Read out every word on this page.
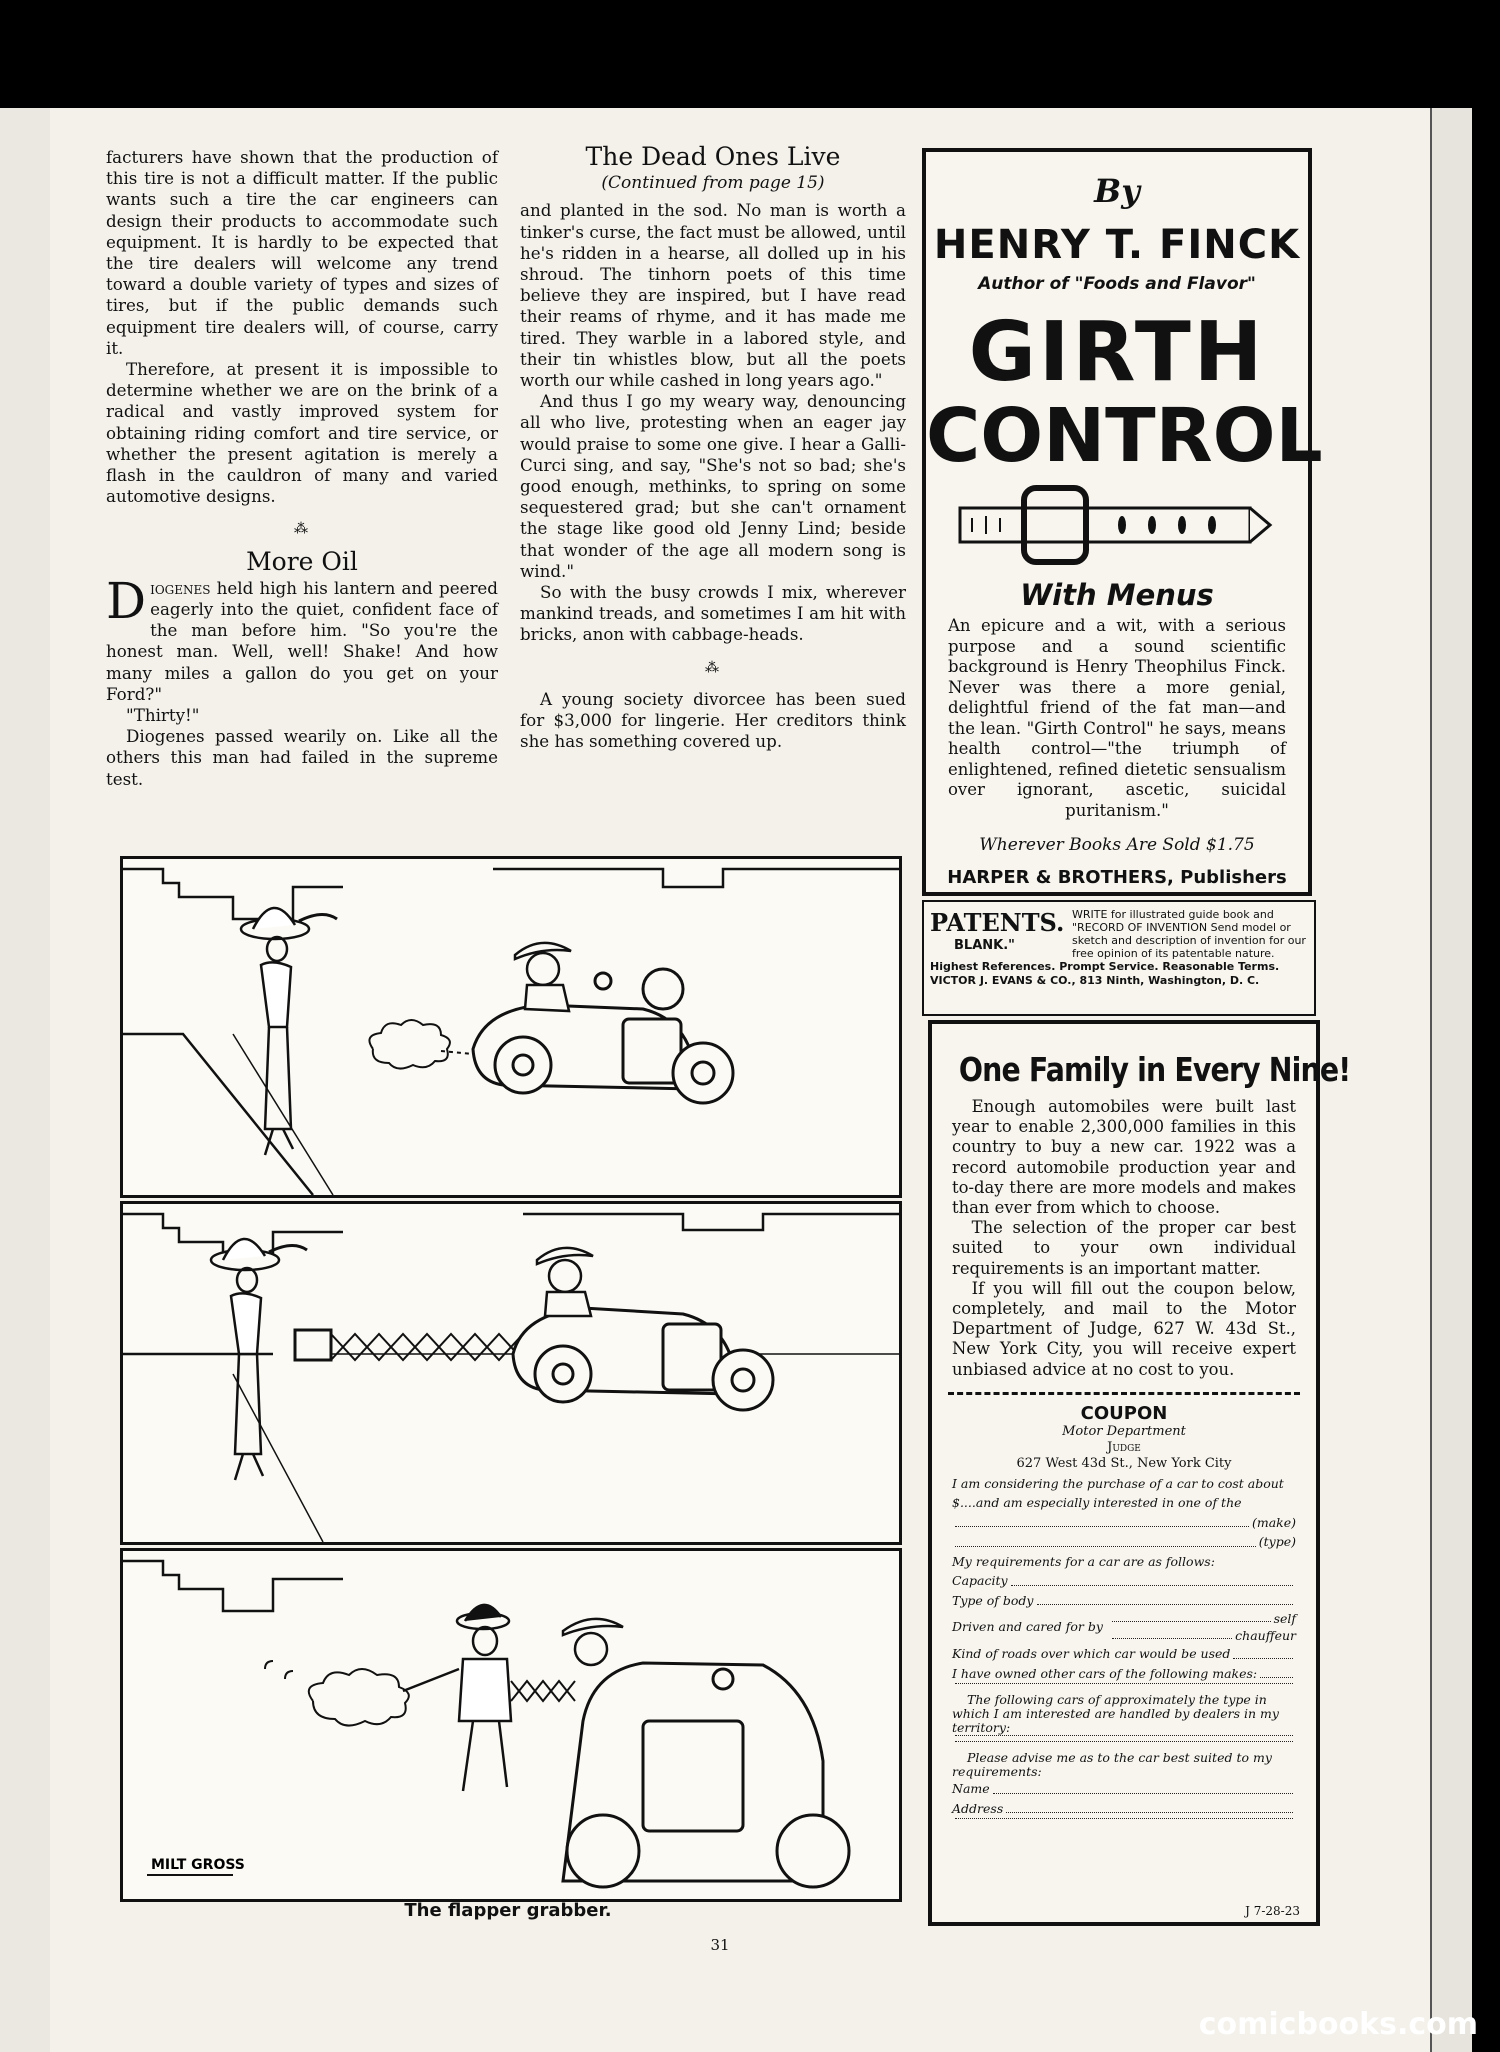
facturers have shown that the production of this tire is not a difficult matter. If the public wants such a tire the car engineers can design their products to accommodate such equipment. It is hardly to be expected that the tire dealers will welcome any trend toward a double variety of types and sizes of tires, but if the public demands such equipment tire dealers will, of course, carry it.

Therefore, at present it is impossible to determine whether we are on the brink of a radical and vastly improved system for obtaining riding comfort and tire service, or whether the present agitation is merely a flash in the cauldron of many and varied automotive designs.

⁂
More Oil

Diogenes held high his lantern and peered eagerly into the quiet, confident face of the man before him. "So you're the honest man. Well, well! Shake! And how many miles a gallon do you get on your Ford?"

"Thirty!"

Diogenes passed wearily on. Like all the others this man had failed in the supreme test.

The Dead Ones Live
(Continued from page 15)

and planted in the sod. No man is worth a tinker's curse, the fact must be allowed, until he's ridden in a hearse, all dolled up in his shroud. The tinhorn poets of this time believe they are inspired, but I have read their reams of rhyme, and it has made me tired. They warble in a labored style, and their tin whistles blow, but all the poets worth our while cashed in long years ago."

And thus I go my weary way, denouncing all who live, protesting when an eager jay would praise to some one give. I hear a Galli-Curci sing, and say, "She's not so bad; she's good enough, methinks, to spring on some sequestered grad; but she can't ornament the stage like good old Jenny Lind; beside that wonder of the age all modern song is wind."

So with the busy crowds I mix, wherever mankind treads, and sometimes I am hit with bricks, anon with cabbage-heads.

⁂

A young society divorcee has been sued for $3,000 for lingerie. Her creditors think she has something covered up.

By
HENRY T. FINCK
Author of "Foods and Flavor"
GIRTH
CONTROL
With Menus
An epicure and a wit, with a serious purpose and a sound scientific background is Henry Theophilus Finck. Never was there a more genial, delightful friend of the fat man—and the lean. "Girth Control" he says, means health control—"the triumph of enlightened, refined dietetic sensualism over ignorant, ascetic, suicidal puritanism."
Wherever Books Are Sold $1.75
HARPER & BROTHERS, Publishers
PATENTS.
BLANK."
WRITE for illustrated guide book and "RECORD OF INVENTION Send model or sketch and description of invention for our free opinion of its patentable nature.
Highest References. Prompt Service. Reasonable Terms.
VICTOR J. EVANS & CO., 813 Ninth, Washington, D. C.
One Family in Every Nine!

Enough automobiles were built last year to enable 2,300,000 families in this country to buy a new car. 1922 was a record automobile production year and to-day there are more models and makes than ever from which to choose.

The selection of the proper car best suited to your own individual requirements is an important matter.

If you will fill out the coupon below, completely, and mail to the Motor Department of Judge, 627 W. 43d St., New York City, you will receive expert unbiased advice at no cost to you.

COUPON
Motor Department
Judge
627 West 43d St., New York City
I am considering the purchase of a car to cost about
$....and am especially interested in one of the
(make)
(type)
My requirements for a car are as follows:
Capacity
Type of body
Driven and cared for by
self
chauffeur
Kind of roads over which car would be used
I have owned other cars of the following makes:
The following cars of approximately the type in which I am interested are handled by dealers in my territory:
Please advise me as to the car best suited to my requirements:
Name
Address
J 7-28-23
MILT GROSS
The flapper grabber.
31
comicbooks.com
